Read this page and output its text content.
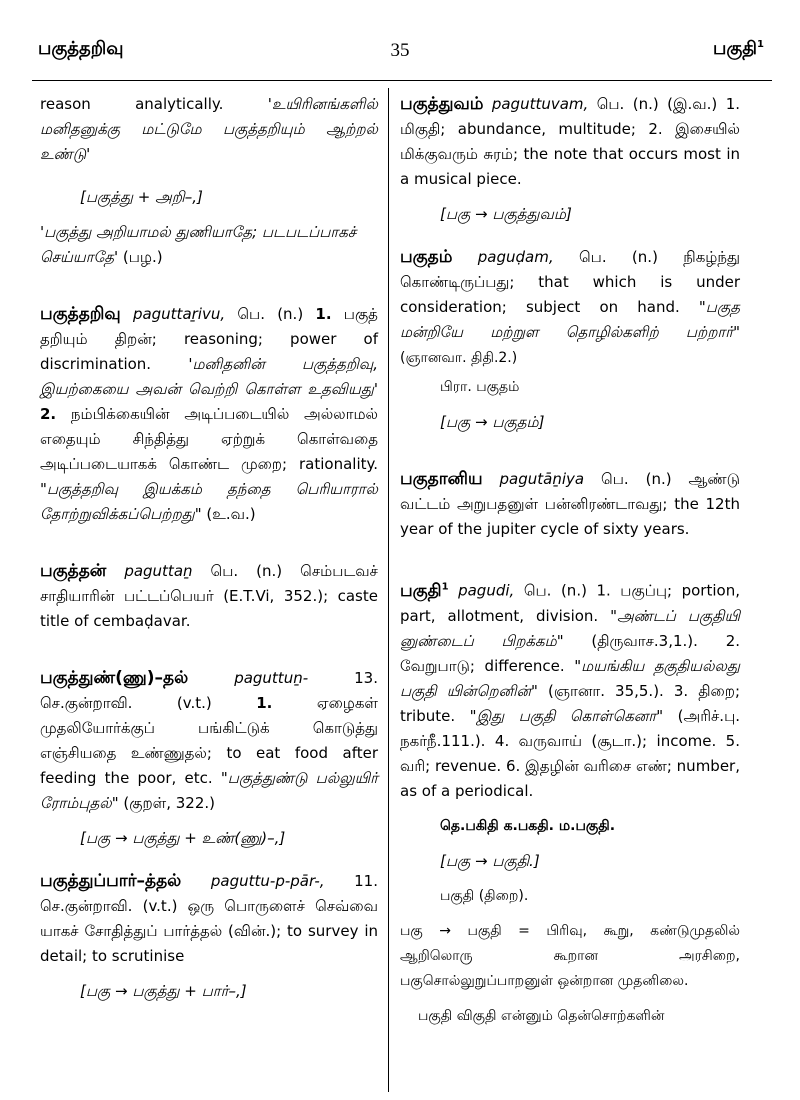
பகுத்தறிவு	35	பகுதி$^1$
reason analytically.	'உயிரினங்களில் மனிதனுக்கு மட்டுமே பகுத்தறியும் ஆற்றல் உண்டு'
[பகுத்து + அறி–,]
'பகுத்து அறியாமல் துணியாதே; படபடப்பாகச் செய்யாதே' (பழ.)
பகுத்தறிவு paguttaṟivu, பெ. (n.) 1. பகுத் தறியும் திறன்; reasoning; power of discrimination. 'மனிதனின் பகுத்தறிவு, இயற்கையை அவன் வெற்றி கொள்ள உதவியது' 2. நம்பிக்கையின் அடிப்படையில் அல்லாமல் எதையும் சிந்தித்து ஏற்றுக் கொள்வதை அடிப்படையாகக் கொண்ட முறை; rationality. "பகுத்தறிவு இயக்கம் தந்தை பெரியாரால் தோற்றுவிக்கப்பெற்றது" (உ.வ.)
பகுத்தன் paguttaṉ பெ. (n.) செம்படவச் சாதியாரின் பட்டப்பெயர் (E.T.Vi, 352.); caste title of cembaḍavar.
பகுத்துண்(ணு)–தல்	paguttuṉ-	13. செ.குன்றாவி. (v.t.)	1.	ஏழைகள் முதலியோர்க்குப் பங்கிட்டுக் கொடுத்து எஞ்சியதை உண்ணுதல்; to eat food after feeding the poor, etc. "பகுத்துண்டு பல்லுயிர் ரோம்புதல்" (குறள், 322.)
[பகு → பகுத்து + உண்(ணு)–,]
பகுத்துப்பார்–த்தல் paguttu-p-pār-, 11. செ.குன்றாவி. (v.t.) ஒரு பொருளைச் செவ்வை யாகச் சோதித்துப் பார்த்தல் (வின்.); to survey in detail; to scrutinise
[பகு → பகுத்து + பார்–,]
பகுத்துவம் paguttuvam, பெ. (n.) (இ.வ.) 1. மிகுதி; abundance, multitude; 2. இசையில் மிக்குவரும் சுரம்; the note that occurs most in a musical piece.
[பகு → பகுத்துவம்]
பகுதம் paguḍam, பெ. (n.) நிகழ்ந்து கொண்டிருப்பது; that which is under consideration; subject on hand. "பகுத மன்றியே மற்றுள தொழில்களிற் பற்றார்" (ஞானவா. திதி.2.)
பிரா. பகுதம்
[பகு → பகுதம்]
பகுதானிய pagutāṉiya பெ. (n.) ஆண்டு வட்டம் அறுபதனுள் பன்னிரண்டாவது; the 12th year of the jupiter cycle of sixty years.
பகுதி$^1$ pagudi, பெ. (n.) 1. பகுப்பு; portion, part, allotment, division. "அண்டப் பகுதியி னுண்டைப் பிறக்கம்" (திருவாச.3,1.). 2. வேறுபாடு; difference. "மயங்கிய தகுதியல்லது பகுதி யின்றெனின்" (ஞானா. 35,5.). 3. திறை; tribute. "இது பகுதி கொள்கெனா" (அரிச்.பு. நகர்நீ.111.). 4. வருவாய் (சூடா.); income. 5. வரி; revenue. 6. இதழின் வரிசை எண்; number, as of a periodical.
தெ.பகிதி க.பகதி. ம.பகுதி.
[பகு → பகுதி.]
பகுதி (திறை).
பகு → பகுதி = பிரிவு, கூறு, கண்டுமுதலில் ஆறிலொரு கூறான அரசிறை, பகுசொல்லுறுப்பாறனுள் ஒன்றான முதனிலை.
பகுதி விகுதி என்னும் தென்சொற்களின்
